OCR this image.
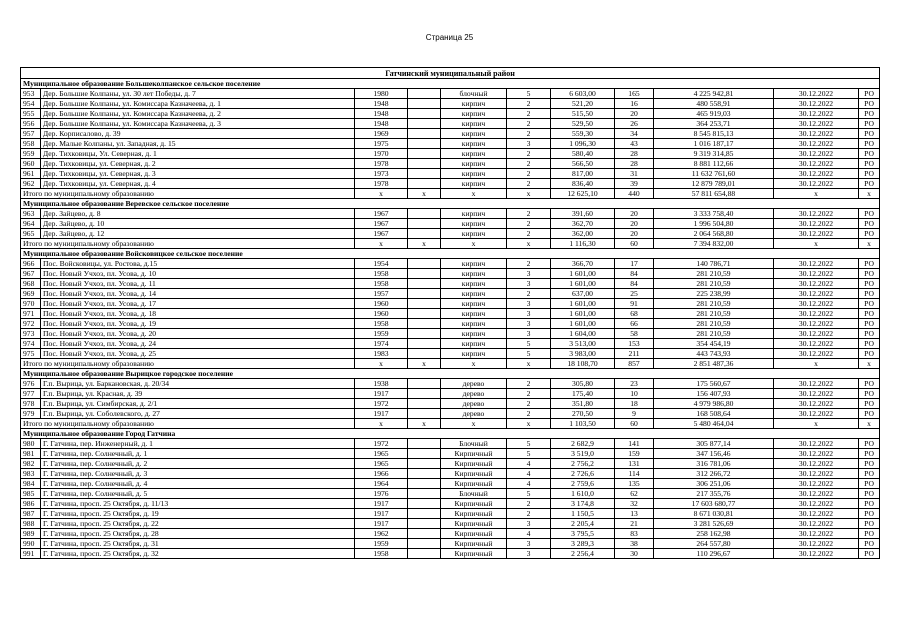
Страница 25
Гатчинский муниципальный район										
Муниципальное образование Большеколпанское сельское поселение										
953	Дер. Большие Колпаны, ул. 30 лет Победы, д. 7	1980		блочный	5	6 603,00	165	4 225 942,81	30.12.2022	РО
954	Дер. Большие Колпаны, ул. Комиссара Казначеева, д. 1	1948		кирпич	2	521,20	16	480 558,91	30.12.2022	РО
955	Дер. Большие Колпаны, ул. Комиссара Казначеева, д. 2	1948		кирпич	2	515,50	20	465 919,03	30.12.2022	РО
956	Дер. Большие Колпаны, ул. Комиссара Казначеева, д. 3	1948		кирпич	2	529,50	26	364 253,71	30.12.2022	РО
957	Дер. Корписалово, д. 39	1969		кирпич	2	559,30	34	8 545 815,13	30.12.2022	РО
958	Дер. Малые Колпаны, ул. Западная, д. 15	1975		кирпич	3	1 096,30	43	1 016 187,17	30.12.2022	РО
959	Дер. Тихковицы, Ул. Северная, д. 1	1970		кирпич	2	580,40	28	9 319 314,85	30.12.2022	РО
960	Дер. Тихковицы, ул. Северная, д. 2	1978		кирпич	2	566,50	28	8 881 112,66	30.12.2022	РО
961	Дер. Тихковицы, ул. Северная, д. 3	1973		кирпич	2	817,00	31	11 632 761,60	30.12.2022	РО
962	Дер. Тихковицы, ул. Северная, д. 4	1978		кирпич	2	836,40	39	12 879 789,01	30.12.2022	РО
Итого по муниципальному образованию		x	x	x	x	12 625,10	440	57 811 654,88	x	x
Муниципальное образование Веревское сельское поселение										
963	Дер. Зайцево, д. 8	1967		кирпич	2	391,60	20	3 333 758,40	30.12.2022	РО
964	Дер. Зайцево, д. 10	1967		кирпич	2	362,70	20	1 996 504,80	30.12.2022	РО
965	Дер. Зайцево, д. 12	1967		кирпич	2	362,00	20	2 064 568,80	30.12.2022	РО
Итого по муниципальному образованию		x	x	x	x	1 116,30	60	7 394 832,00	x	x
Муниципальное образование Войсковицкое сельское поселение										
966	Пос. Войсковицы, ул. Ростова, д.15	1954		кирпич	2	366,70	17	140 786,71	30.12.2022	РО
967	Пос. Новый Учхоз, пл. Усова, д. 10	1958		кирпич	3	1 601,00	84	281 210,59	30.12.2022	РО
968	Пос. Новый Учхоз, пл. Усова, д. 11	1958		кирпич	3	1 601,00	84	281 210,59	30.12.2022	РО
969	Пос. Новый Учхоз, пл. Усова, д. 14	1957		кирпич	2	637,00	25	225 238,99	30.12.2022	РО
970	Пос. Новый Учхоз, пл. Усова, д. 17	1960		кирпич	3	1 601,00	91	281 210,59	30.12.2022	РО
971	Пос. Новый Учхоз, пл. Усова, д. 18	1960		кирпич	3	1 601,00	68	281 210,59	30.12.2022	РО
972	Пос. Новый Учхоз, пл. Усова, д. 19	1958		кирпич	3	1 601,00	66	281 210,59	30.12.2022	РО
973	Пос. Новый Учхоз, пл. Усова, д. 20	1959		кирпич	3	1 604,00	58	281 210,59	30.12.2022	РО
974	Пос. Новый Учхоз, пл. Усова, д. 24	1974		кирпич	5	3 513,00	153	354 454,19	30.12.2022	РО
975	Пос. Новый Учхоз, пл. Усова, д. 25	1983		кирпич	5	3 983,00	211	443 743,93	30.12.2022	РО
Итого по муниципальному образованию		x	x	x	x	18 108,70	857	2 851 487,36	x	x
Муниципальное образование Вырицкое городское поселение										
976	Г.п. Вырица, ул. Баркановская, д. 20/34	1938		дерево	2	305,80	23	175 560,67	30.12.2022	РО
977	Г.п. Вырица, ул. Красная, д. 39	1917		дерево	2	175,40	10	156 407,93	30.12.2022	РО
978	Г.п. Вырица, ул. Симбирская, д. 2/1	1972		дерево	2	351,80	18	4 979 986,80	30.12.2022	РО
979	Г.п. Вырица, ул. Соболевского, д. 27	1917		дерево	2	270,50	9	168 508,64	30.12.2022	РО
Итого по муниципальному образованию		x	x	x	x	1 103,50	60	5 480 464,04	x	x
Муниципальное образование Город Гатчина										
980	Г. Гатчина, пер. Инженерный, д. 1	1972		Блочный	5	2 682,9	141	305 877,14	30.12.2022	РО
981	Г. Гатчина, пер. Солнечный, д. 1	1965		Кирпичный	5	3 519,0	159	347 156,46	30.12.2022	РО
982	Г. Гатчина, пер. Солнечный, д. 2	1965		Кирпичный	4	2 756,2	131	316 781,06	30.12.2022	РО
983	Г. Гатчина, пер. Солнечный, д. 3	1966		Кирпичный	4	2 726,6	114	312 266,72	30.12.2022	РО
984	Г. Гатчина, пер. Солнечный, д. 4	1964		Кирпичный	4	2 759,6	135	306 251,06	30.12.2022	РО
985	Г. Гатчина, пер. Солнечный, д. 5	1976		Блочный	5	1 610,0	62	217 355,76	30.12.2022	РО
986	Г. Гатчина, просп. 25 Октября, д. 11/13	1917		Кирпичный	2	3 174,8	32	17 603 680,77	30.12.2022	РО
987	Г. Гатчина, просп. 25 Октября, д. 19	1917		Кирпичный	2	1 150,5	13	8 671 030,81	30.12.2022	РО
988	Г. Гатчина, просп. 25 Октября, д. 22	1917		Кирпичный	3	2 205,4	21	3 281 526,69	30.12.2022	РО
989	Г. Гатчина, просп. 25 Октября, д. 28	1962		Кирпичный	4	3 795,5	83	258 162,98	30.12.2022	РО
990	Г. Гатчина, просп. 25 Октября, д. 31	1959		Кирпичный	3	3 289,3	38	264 557,80	30.12.2022	РО
991	Г. Гатчина, просп. 25 Октября, д. 32	1958		Кирпичный	3	2 256,4	30	110 296,67	30.12.2022	РО
